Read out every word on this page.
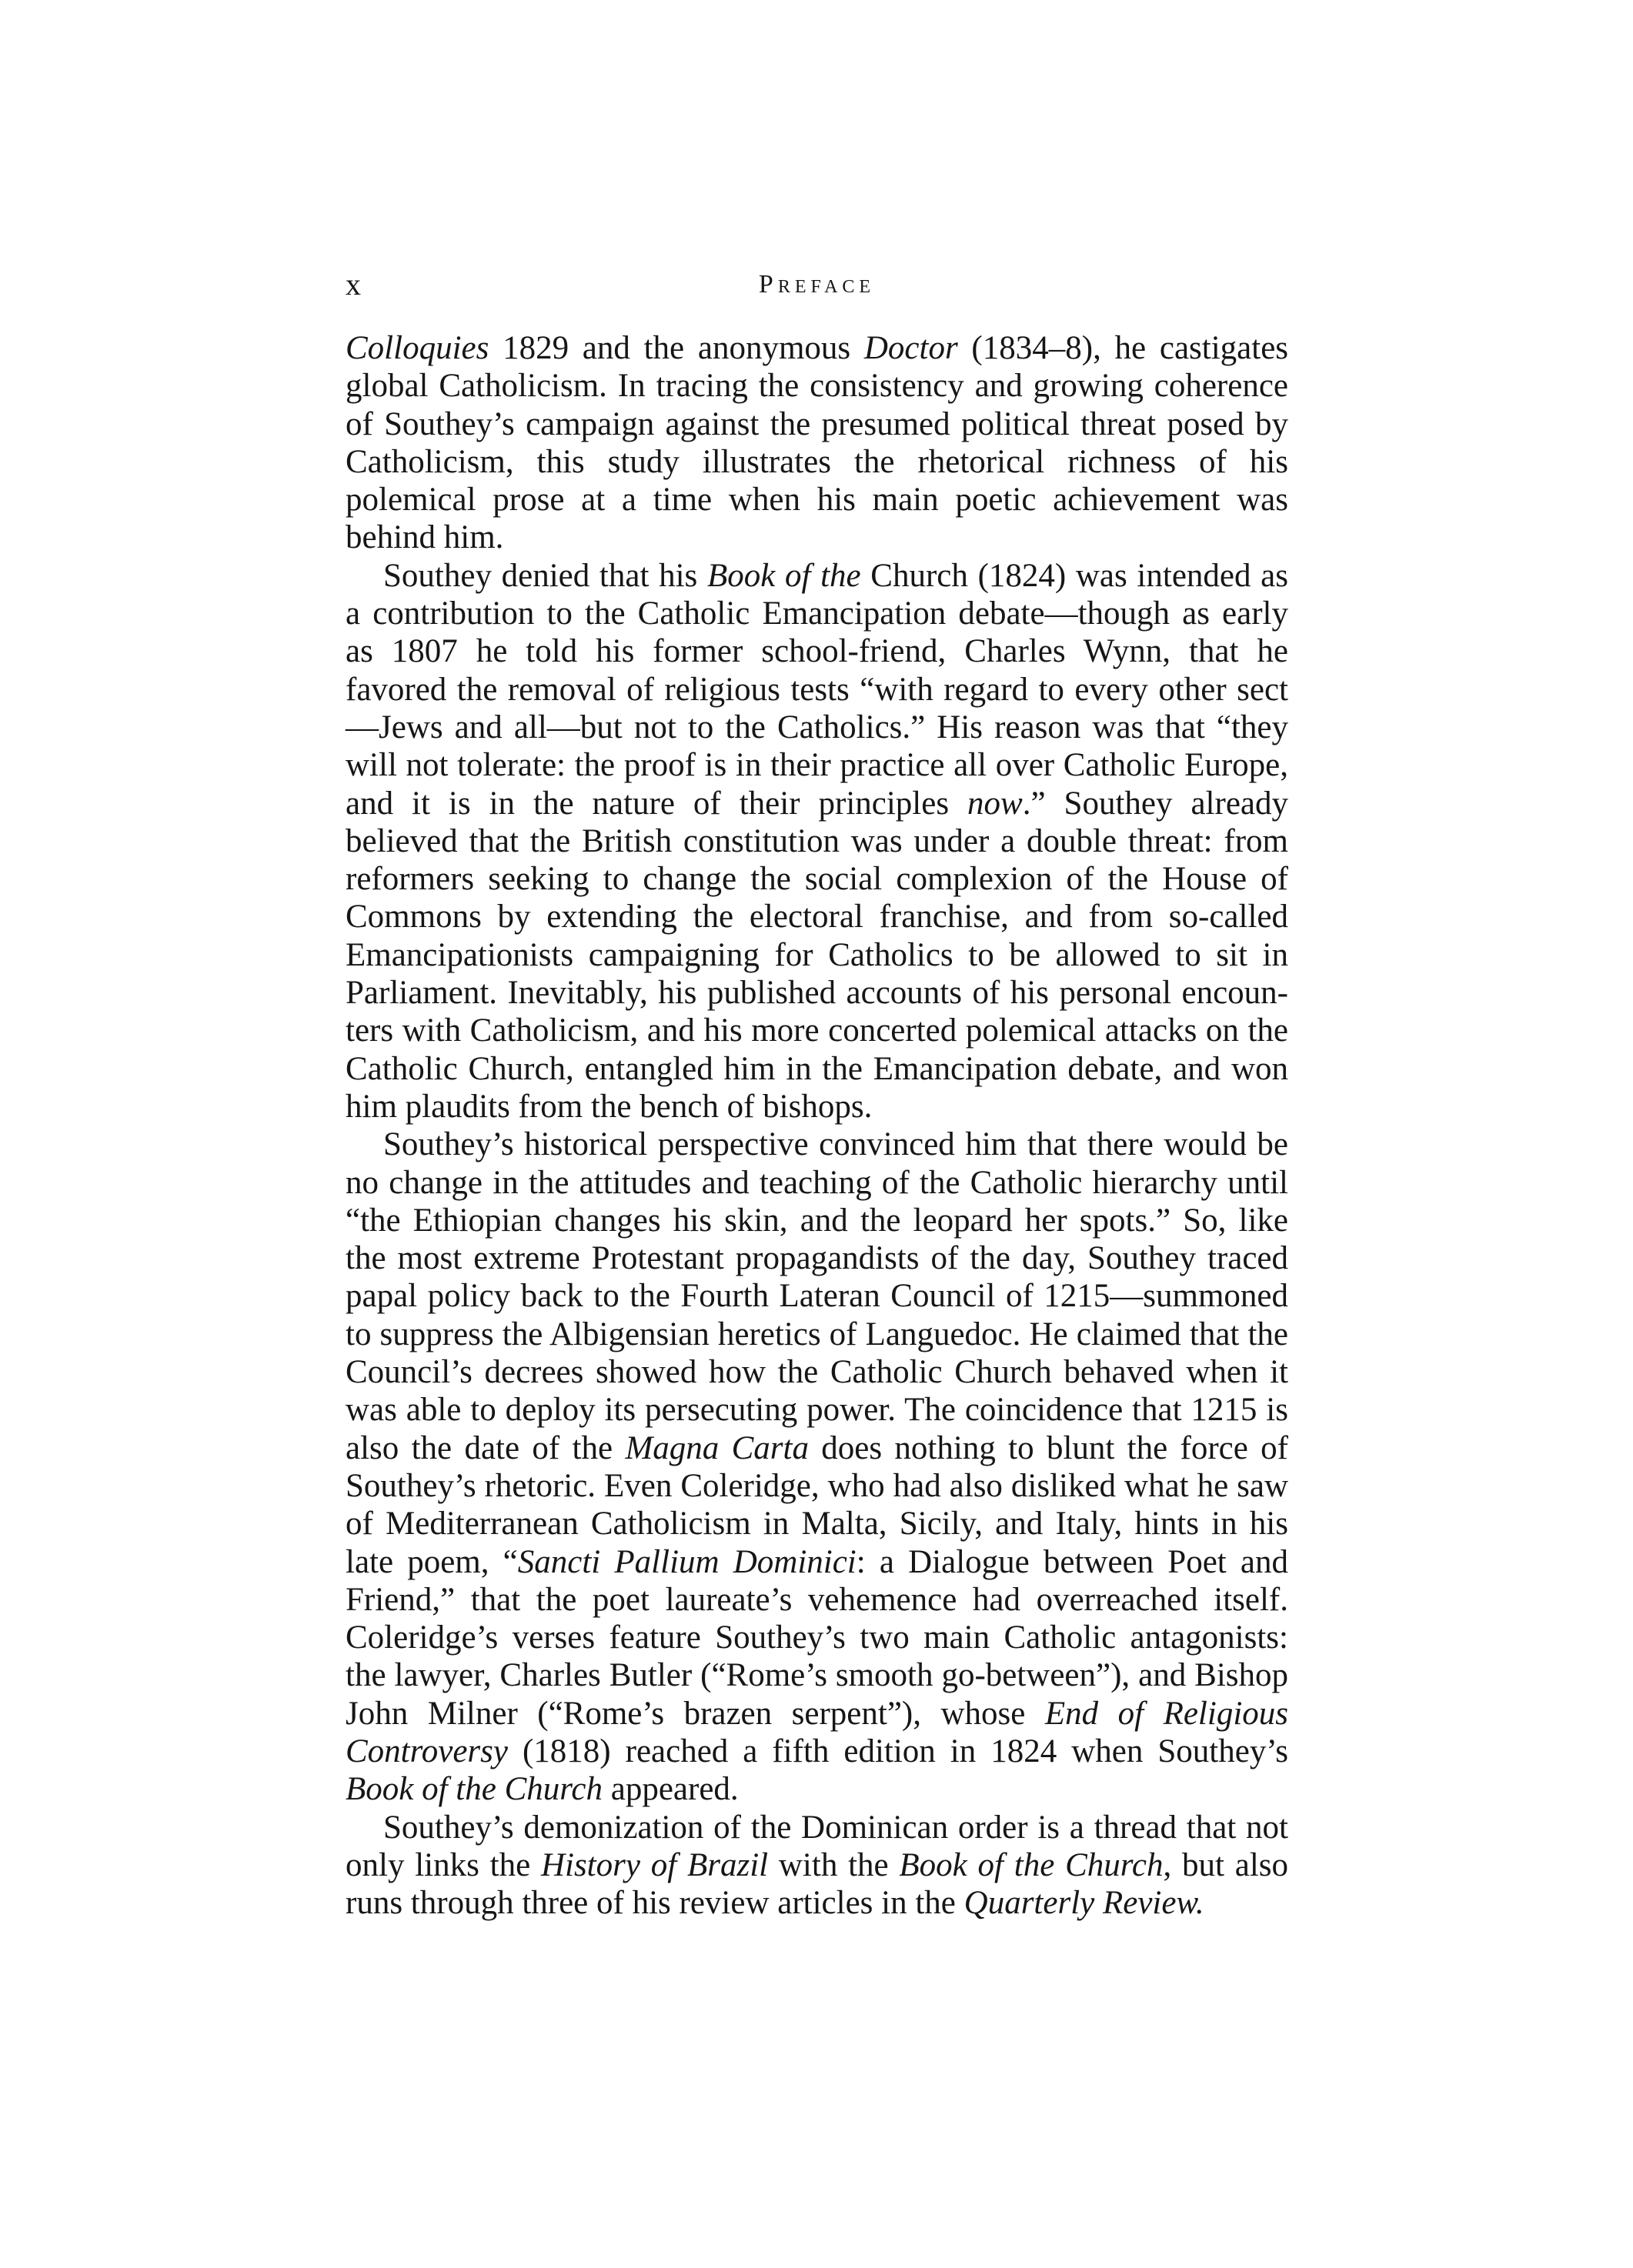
x	Preface

Colloquies 1829 and the anonymous Doctor (1834–8), he castigates global Catholicism. In tracing the consistency and growing coherence of Southey’s campaign against the presumed political threat posed by Catholicism, this study illustrates the rhetorical richness of his polemical prose at a time when his main poetic achievement was behind him.

Southey denied that his Book of the Church (1824) was intended as a contribution to the Catholic Emancipation debate—though as early as 1807 he told his former school-friend, Charles Wynn, that he favored the removal of religious tests “with regard to every other sect—Jews and all—but not to the Catholics.” His reason was that “they will not tolerate: the proof is in their practice all over Catholic Europe, and it is in the nature of their principles now.” Southey already believed that the British constitution was under a double threat: from reformers seeking to change the social complexion of the House of Commons by extending the electoral franchise, and from so-called Emancipationists campaigning for Catholics to be allowed to sit in Parliament. Inevitably, his published accounts of his personal encounters with Catholicism, and his more concerted polemical attacks on the Catholic Church, entangled him in the Emancipation debate, and won him plaudits from the bench of bishops.

Southey’s historical perspective convinced him that there would be no change in the attitudes and teaching of the Catholic hierarchy until “the Ethiopian changes his skin, and the leopard her spots.” So, like the most extreme Protestant propagandists of the day, Southey traced papal policy back to the Fourth Lateran Council of 1215—summoned to suppress the Albigensian heretics of Languedoc. He claimed that the Council’s decrees showed how the Catholic Church behaved when it was able to deploy its persecuting power. The coincidence that 1215 is also the date of the Magna Carta does nothing to blunt the force of Southey’s rhetoric. Even Coleridge, who had also disliked what he saw of Mediterranean Catholicism in Malta, Sicily, and Italy, hints in his late poem, “Sancti Pallium Dominici: a Dialogue between Poet and Friend,” that the poet laureate’s vehemence had overreached itself. Coleridge’s verses feature Southey’s two main Catholic antagonists: the lawyer, Charles Butler (“Rome’s smooth go-between”), and Bishop John Milner (“Rome’s brazen serpent”), whose End of Religious Controversy (1818) reached a fifth edition in 1824 when Southey’s Book of the Church appeared.

Southey’s demonization of the Dominican order is a thread that not only links the History of Brazil with the Book of the Church, but also runs through three of his review articles in the Quarterly Review.
